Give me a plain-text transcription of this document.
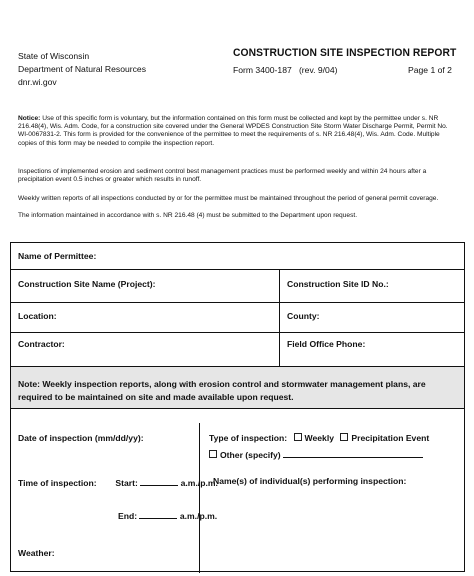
State of Wisconsin
Department of Natural Resources
dnr.wi.gov
CONSTRUCTION SITE INSPECTION REPORT
Form 3400-187 (rev. 9/04)	Page 1 of 2
Notice: Use of this specific form is voluntary, but the information contained on this form must be collected and kept by the permittee under s. NR 216.48(4), Wis. Adm. Code, for a construction site covered under the General WPDES Construction Site Storm Water Discharge Permit, Permit No. WI-0067831-2. This form is provided for the convenience of the permittee to meet the requirements of s. NR 216.48(4), Wis. Adm. Code. Multiple copies of this form may be needed to compile the inspection report.
Inspections of implemented erosion and sediment control best management practices must be performed weekly and within 24 hours after a precipitation event 0.5 inches or greater which results in runoff.
Weekly written reports of all inspections conducted by or for the permittee must be maintained throughout the period of general permit coverage.
The information maintained in accordance with s. NR 216.48 (4) must be submitted to the Department upon request.
Name of Permittee:
Construction Site Name (Project):	Construction Site ID No.:
Location:	County:
Contractor:	Field Office Phone:
Note: Weekly inspection reports, along with erosion control and stormwater management plans, are required to be maintained on site and made available upon request.
Date of inspection (mm/dd/yy):	Type of inspection: Weekly Precipitation Event
Other (specify)
Time of inspection: Start:	a.m./p.m.
Name(s) of individual(s) performing inspection:
End:	a.m./p.m.
Weather:
